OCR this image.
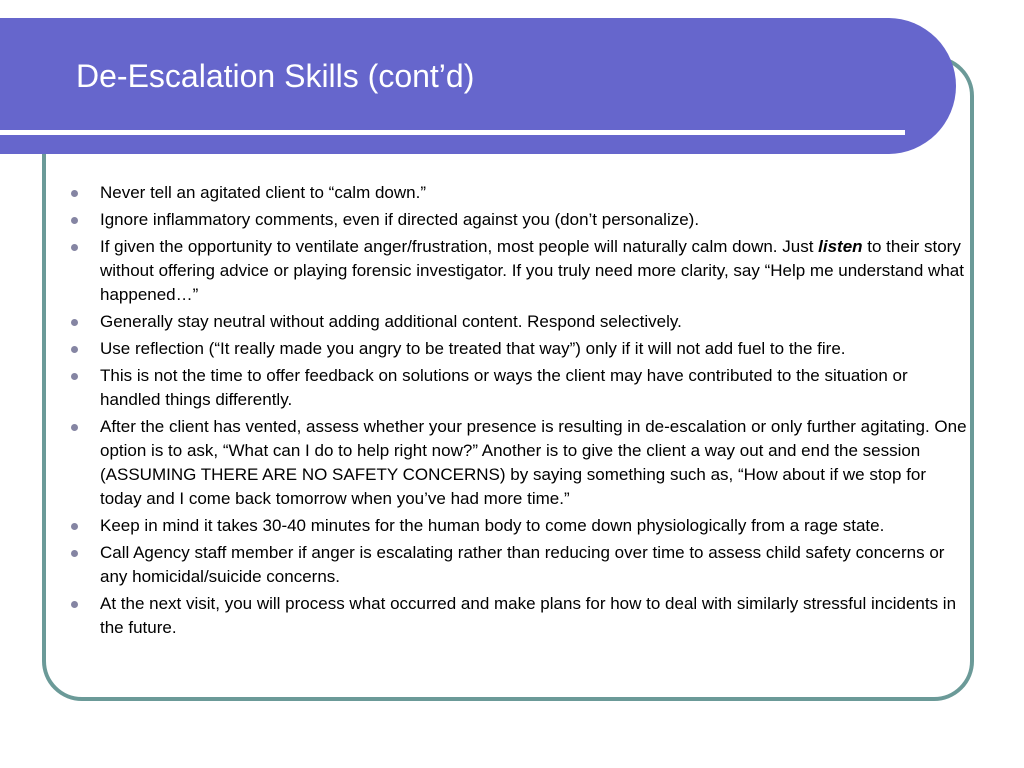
De-Escalation Skills (cont’d)
Never tell an agitated client to “calm down.”
Ignore inflammatory comments, even if directed against you (don’t personalize).
If given the opportunity to ventilate anger/frustration, most people will naturally calm down. Just listen to their story without offering advice or playing forensic investigator. If you truly need more clarity, say “Help me understand what happened…”
Generally stay neutral without adding additional content. Respond selectively.
Use reflection (“It really made you angry to be treated that way”) only if it will not add fuel to the fire.
This is not the time to offer feedback on solutions or ways the client may have contributed to the situation or handled things differently.
After the client has vented, assess whether your presence is resulting in de-escalation or only further agitating. One option is to ask, “What can I do to help right now?” Another is to give the client a way out and end the session (ASSUMING THERE ARE NO SAFETY CONCERNS) by saying something such as, “How about if we stop for today and I come back tomorrow when you’ve had more time.”
Keep in mind it takes 30-40 minutes for the human body to come down physiologically from a rage state.
Call Agency staff member if anger is escalating rather than reducing over time to assess child safety concerns or any homicidal/suicide concerns.
At the next visit, you will process what occurred and make plans for how to deal with similarly stressful incidents in the future.
